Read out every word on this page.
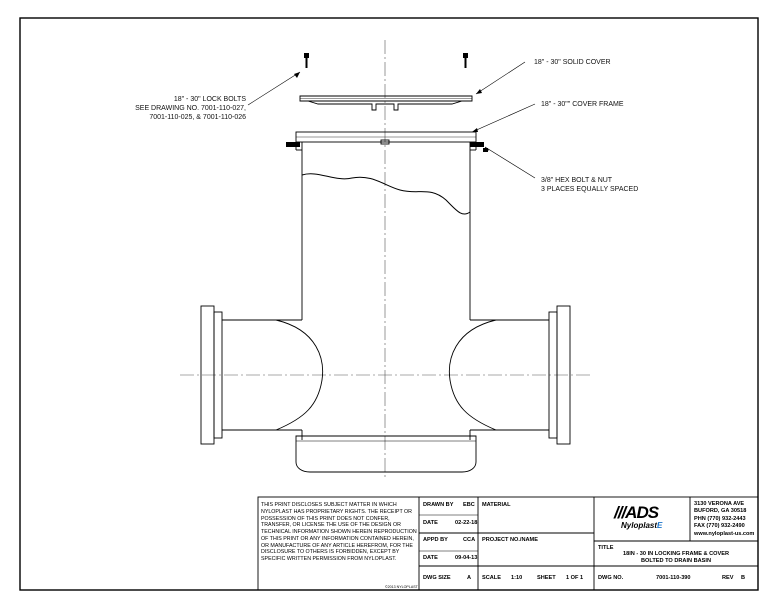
18" - 30" LOCK BOLTS
SEE DRAWING NO. 7001-110-027,
7001-110-025, & 7001-110-026
18" - 30" SOLID COVER
18" - 30"" COVER FRAME
3/8" HEX BOLT & NUT
3 PLACES EQUALLY SPACED
THIS PRINT DISCLOSES SUBJECT MATTER IN WHICH NYLOPLAST HAS PROPRIETARY RIGHTS. THE RECEIPT OR POSSESSION OF THIS PRINT DOES NOT CONFER, TRANSFER, OR LICENSE THE USE OF THE DESIGN OR TECHNICAL INFORMATION SHOWN HEREIN REPRODUCTION OF THIS PRINT OR ANY INFORMATION CONTAINED HEREIN, OR MANUFACTURE OF ANY ARTICLE HEREFROM, FOR THE DISCLOSURE TO OTHERS IS FORBIDDEN, EXCEPT BY SPECIFIC WRITTEN PERMISSION FROM NYLOPLAST.
©2013 NYLOPLAST
DRAWN BY EBC
DATE	02-22-18
APPD BY	CCA
DATE	09-04-13
DWG SIZE	A
MATERIAL
PROJECT NO./NAME
SCALE 1:10	SHEET 1 OF 1
///ADS
NyloplastE
3130 VERONA AVE
BUFORD, GA 30518
PHN (770) 932-2443
FAX (770) 932-2490
www.nyloplast-us.com
TITLE
18IN - 30 IN LOCKING FRAME & COVER
BOLTED TO DRAIN BASIN
DWG NO.	7001-110-390	REV B
